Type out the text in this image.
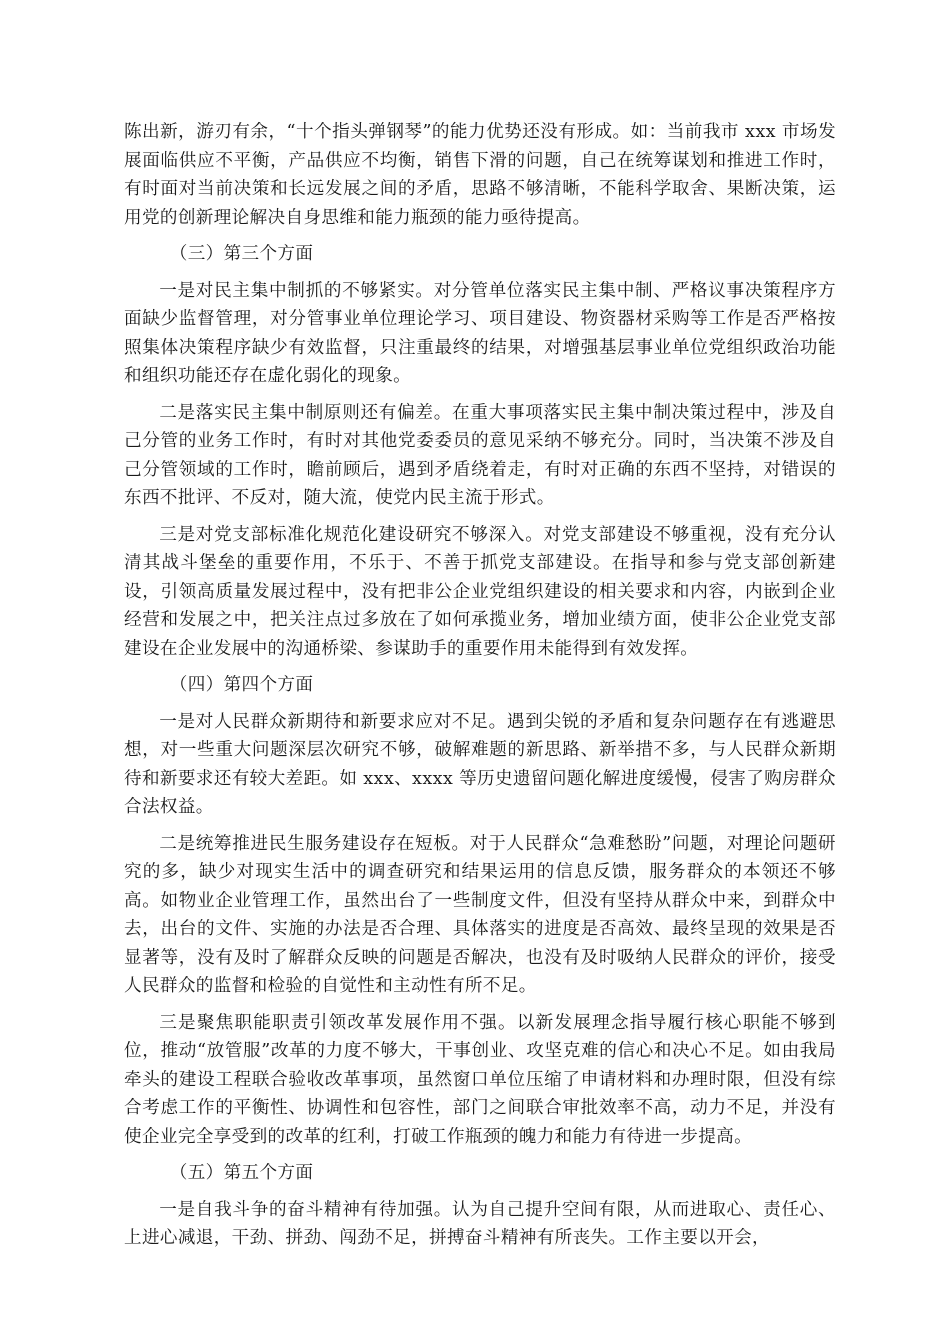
陈出新，游刃有余，“十个指头弹钢琴”的能力优势还没有形成。如：当前我市 xxx 市场发展面临供应不平衡，产品供应不均衡，销售下滑的问题，自己在统筹谋划和推进工作时，有时面对当前决策和长远发展之间的矛盾，思路不够清晰，不能科学取舍、果断决策，运用党的创新理论解决自身思维和能力瓶颈的能力亟待提高。

（三）第三个方面

一是对民主集中制抓的不够紧实。对分管单位落实民主集中制、严格议事决策程序方面缺少监督管理，对分管事业单位理论学习、项目建设、物资器材采购等工作是否严格按照集体决策程序缺少有效监督，只注重最终的结果，对增强基层事业单位党组织政治功能和组织功能还存在虚化弱化的现象。

二是落实民主集中制原则还有偏差。在重大事项落实民主集中制决策过程中，涉及自己分管的业务工作时，有时对其他党委委员的意见采纳不够充分。同时，当决策不涉及自己分管领域的工作时，瞻前顾后，遇到矛盾绕着走，有时对正确的东西不坚持，对错误的东西不批评、不反对，随大流，使党内民主流于形式。

三是对党支部标准化规范化建设研究不够深入。对党支部建设不够重视，没有充分认清其战斗堡垒的重要作用，不乐于、不善于抓党支部建设。在指导和参与党支部创新建设，引领高质量发展过程中，没有把非公企业党组织建设的相关要求和内容，内嵌到企业经营和发展之中，把关注点过多放在了如何承揽业务，增加业绩方面，使非公企业党支部建设在企业发展中的沟通桥梁、参谋助手的重要作用未能得到有效发挥。

（四）第四个方面

一是对人民群众新期待和新要求应对不足。遇到尖锐的矛盾和复杂问题存在有逃避思想，对一些重大问题深层次研究不够，破解难题的新思路、新举措不多，与人民群众新期待和新要求还有较大差距。如 xxx、xxxx 等历史遗留问题化解进度缓慢，侵害了购房群众合法权益。

二是统筹推进民生服务建设存在短板。对于人民群众“急难愁盼”问题，对理论问题研究的多，缺少对现实生活中的调查研究和结果运用的信息反馈，服务群众的本领还不够高。如物业企业管理工作，虽然出台了一些制度文件，但没有坚持从群众中来，到群众中去，出台的文件、实施的办法是否合理、具体落实的进度是否高效、最终呈现的效果是否显著等，没有及时了解群众反映的问题是否解决，也没有及时吸纳人民群众的评价，接受人民群众的监督和检验的自觉性和主动性有所不足。

三是聚焦职能职责引领改革发展作用不强。以新发展理念指导履行核心职能不够到位，推动“放管服”改革的力度不够大，干事创业、攻坚克难的信心和决心不足。如由我局牵头的建设工程联合验收改革事项，虽然窗口单位压缩了申请材料和办理时限，但没有综合考虑工作的平衡性、协调性和包容性，部门之间联合审批效率不高，动力不足，并没有使企业完全享受到的改革的红利，打破工作瓶颈的魄力和能力有待进一步提高。

（五）第五个方面

一是自我斗争的奋斗精神有待加强。认为自己提升空间有限，从而进取心、责任心、上进心减退，干劲、拼劲、闯劲不足，拼搏奋斗精神有所丧失。工作主要以开会，
